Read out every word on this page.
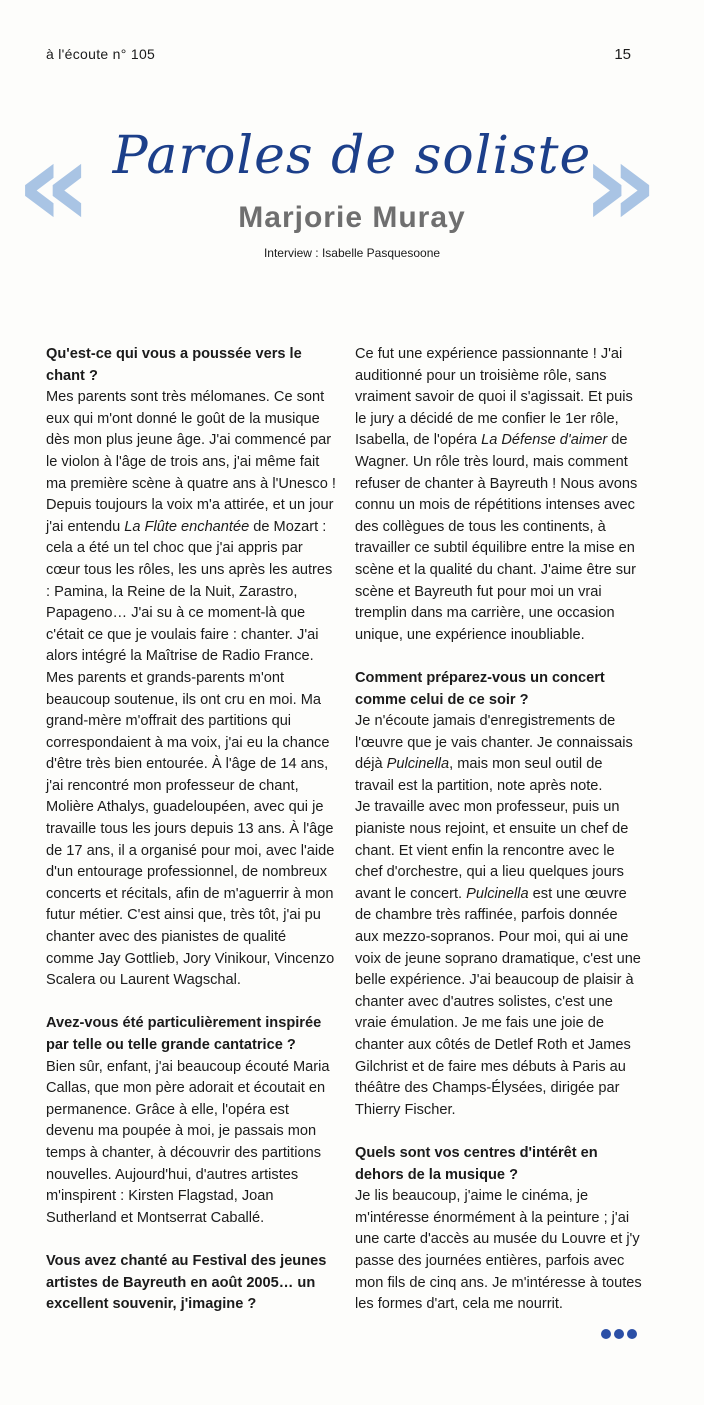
à l'écoute n° 105	15
«	»
Paroles de soliste
Marjorie Muray
Interview : Isabelle Pasquesoone

Qu'est-ce qui vous a poussée vers le chant ?

Mes parents sont très mélomanes. Ce sont eux qui m'ont donné le goût de la musique dès mon plus jeune âge. J'ai commencé par le violon à l'âge de trois ans, j'ai même fait ma première scène à quatre ans à l'Unesco ! Depuis toujours la voix m'a attirée, et un jour j'ai entendu La Flûte enchantée de Mozart : cela a été un tel choc que j'ai appris par cœur tous les rôles, les uns après les autres : Pamina, la Reine de la Nuit, Zarastro, Papageno… J'ai su à ce moment-là que c'était ce que je voulais faire : chanter. J'ai alors intégré la Maîtrise de Radio France. Mes parents et grands-parents m'ont beaucoup soutenue, ils ont cru en moi. Ma grand-mère m'offrait des partitions qui correspondaient à ma voix, j'ai eu la chance d'être très bien entourée. À l'âge de 14 ans, j'ai rencontré mon professeur de chant, Molière Athalys, guadeloupéen, avec qui je travaille tous les jours depuis 13 ans. À l'âge de 17 ans, il a organisé pour moi, avec l'aide d'un entourage professionnel, de nombreux concerts et récitals, afin de m'aguerrir à mon futur métier. C'est ainsi que, très tôt, j'ai pu chanter avec des pianistes de qualité comme Jay Gottlieb, Jory Vinikour, Vincenzo Scalera ou Laurent Wagschal.

Avez-vous été particulièrement inspirée par telle ou telle grande cantatrice ?

Bien sûr, enfant, j'ai beaucoup écouté Maria Callas, que mon père adorait et écoutait en permanence. Grâce à elle, l'opéra est devenu ma poupée à moi, je passais mon temps à chanter, à découvrir des partitions nouvelles. Aujourd'hui, d'autres artistes m'inspirent : Kirsten Flagstad, Joan Sutherland et Montserrat Caballé.

Vous avez chanté au Festival des jeunes artistes de Bayreuth en août 2005… un excellent souvenir, j'imagine ?

Ce fut une expérience passionnante ! J'ai auditionné pour un troisième rôle, sans vraiment savoir de quoi il s'agissait. Et puis le jury a décidé de me confier le 1er rôle, Isabella, de l'opéra La Défense d'aimer de Wagner. Un rôle très lourd, mais comment refuser de chanter à Bayreuth ! Nous avons connu un mois de répétitions intenses avec des collègues de tous les continents, à travailler ce subtil équilibre entre la mise en scène et la qualité du chant. J'aime être sur scène et Bayreuth fut pour moi un vrai tremplin dans ma carrière, une occasion unique, une expérience inoubliable.

Comment préparez-vous un concert comme celui de ce soir ?

Je n'écoute jamais d'enregistrements de l'œuvre que je vais chanter. Je connaissais déjà Pulcinella, mais mon seul outil de travail est la partition, note après note.

Je travaille avec mon professeur, puis un pianiste nous rejoint, et ensuite un chef de chant. Et vient enfin la rencontre avec le chef d'orchestre, qui a lieu quelques jours avant le concert. Pulcinella est une œuvre de chambre très raffinée, parfois donnée aux mezzo-sopranos. Pour moi, qui ai une voix de jeune soprano dramatique, c'est une belle expérience. J'ai beaucoup de plaisir à chanter avec d'autres solistes, c'est une vraie émulation. Je me fais une joie de chanter aux côtés de Detlef Roth et James Gilchrist et de faire mes débuts à Paris au théâtre des Champs-Élysées, dirigée par Thierry Fischer.

Quels sont vos centres d'intérêt en dehors de la musique ?

Je lis beaucoup, j'aime le cinéma, je m'intéresse énormément à la peinture ; j'ai une carte d'accès au musée du Louvre et j'y passe des journées entières, parfois avec mon fils de cinq ans. Je m'intéresse à toutes les formes d'art, cela me nourrit.
